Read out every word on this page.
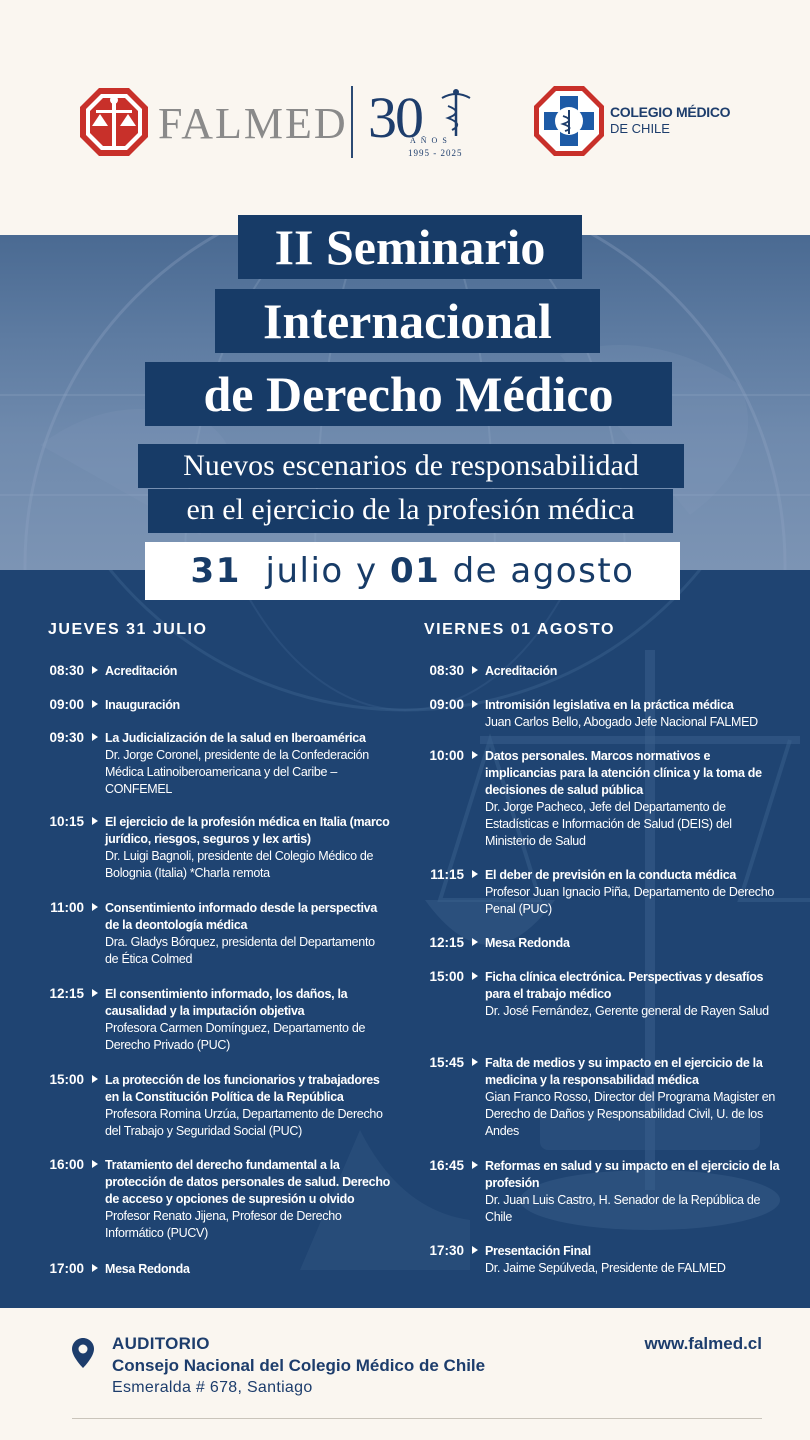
FALMED 30
AÑOS
1995 - 2025
COLEGIO MÉDICO
DE CHILE
II Seminario
Internacional
de Derecho Médico
Nuevos escenarios de responsabilidad
en el ejercicio de la profesión médica
JUEVES 31 JULIO	VIERNES 01 AGOSTO
08:30 Acreditación
09:00 Inauguración
09:30 La Judicialización de la salud en Iberoamérica
Dr. Jorge Coronel, presidente de la Confederación Médica Latinoiberoamericana y del Caribe – CONFEMEL
10:15 El ejercicio de la profesión médica en Italia (marco jurídico, riesgos, seguros y lex artis)
Dr. Luigi Bagnoli, presidente del Colegio Médico de Bolognia (Italia) *Charla remota
11:00 Consentimiento informado desde la perspectiva de la deontología médica
Dra. Gladys Bórquez, presidenta del Departamento de Ética Colmed
12:15 El consentimiento informado, los daños, la causalidad y la imputación objetiva
Profesora Carmen Domínguez, Departamento de Derecho Privado (PUC)
15:00 La protección de los funcionarios y trabajadores en la Constitución Política de la República
Profesora Romina Urzúa, Departamento de Derecho del Trabajo y Seguridad Social (PUC)
16:00 Tratamiento del derecho fundamental a la protección de datos personales de salud. Derecho de acceso y opciones de supresión u olvido
Profesor Renato Jijena, Profesor de Derecho Informático (PUCV)
17:00 Mesa Redonda
08:30 Acreditación
09:00 Intromisión legislativa en la práctica médica
Juan Carlos Bello, Abogado Jefe Nacional FALMED
10:00 Datos personales. Marcos normativos e implicancias para la atención clínica y la toma de decisiones de salud pública
Dr. Jorge Pacheco, Jefe del Departamento de Estadísticas e Información de Salud (DEIS) del Ministerio de Salud
11:15 El deber de previsión en la conducta médica
Profesor Juan Ignacio Piña, Departamento de Derecho Penal (PUC)
12:15 Mesa Redonda
15:00 Ficha clínica electrónica. Perspectivas y desafíos para el trabajo médico
Dr. José Fernández, Gerente general de Rayen Salud
15:45 Falta de medios y su impacto en el ejercicio de la medicina y la responsabilidad médica
Gian Franco Rosso, Director del Programa Magister en Derecho de Daños y Responsabilidad Civil, U. de los Andes
16:45 Reformas en salud y su impacto en el ejercicio de la profesión
Dr. Juan Luis Castro, H. Senador de la República de Chile
17:30 Presentación Final
Dr. Jaime Sepúlveda, Presidente de FALMED
31 julio y 01 de agosto
AUDITORIO
Consejo Nacional del Colegio Médico de Chile
Esmeralda # 678, Santiago
www.falmed.cl
